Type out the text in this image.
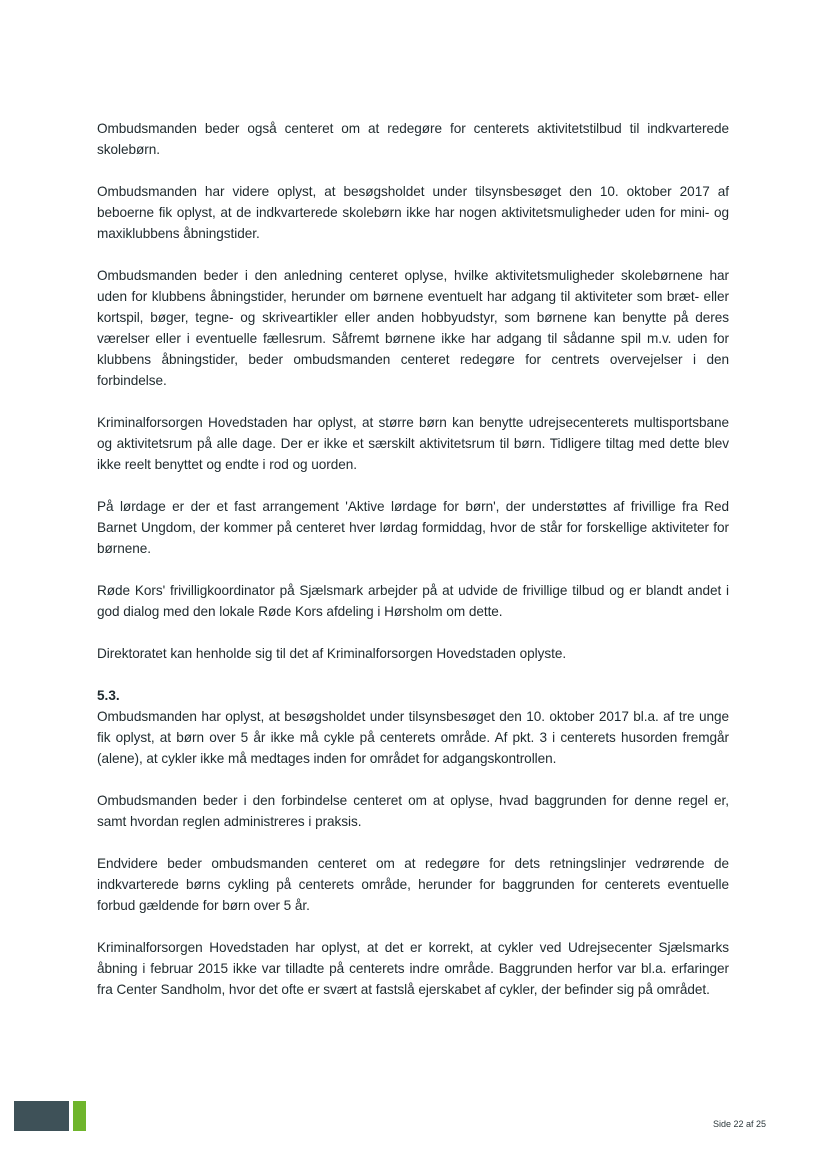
Ombudsmanden beder også centeret om at redegøre for centerets aktivitetstilbud til indkvarterede skolebørn.

Ombudsmanden har videre oplyst, at besøgsholdet under tilsynsbesøget den 10. oktober 2017 af beboerne fik oplyst, at de indkvarterede skolebørn ikke har nogen aktivitetsmuligheder uden for mini- og maxiklubbens åbningstider.

Ombudsmanden beder i den anledning centeret oplyse, hvilke aktivitetsmuligheder skolebørnene har uden for klubbens åbningstider, herunder om børnene eventuelt har adgang til aktiviteter som bræt- eller kortspil, bøger, tegne- og skriveartikler eller anden hobbyudstyr, som børnene kan benytte på deres værelser eller i eventuelle fællesrum. Såfremt børnene ikke har adgang til sådanne spil m.v. uden for klubbens åbningstider, beder ombudsmanden centeret redegøre for centrets overvejelser i den forbindelse.

Kriminalforsorgen Hovedstaden har oplyst, at større børn kan benytte udrejsecenterets multisportsbane og aktivitetsrum på alle dage. Der er ikke et særskilt aktivitetsrum til børn. Tidligere tiltag med dette blev ikke reelt benyttet og endte i rod og uorden.

På lørdage er der et fast arrangement 'Aktive lørdage for børn', der understøttes af frivillige fra Red Barnet Ungdom, der kommer på centeret hver lørdag formiddag, hvor de står for forskellige aktiviteter for børnene.

Røde Kors' frivilligkoordinator på Sjælsmark arbejder på at udvide de frivillige tilbud og er blandt andet i god dialog med den lokale Røde Kors afdeling i Hørsholm om dette.

Direktoratet kan henholde sig til det af Kriminalforsorgen Hovedstaden oplyste.

5.3.

Ombudsmanden har oplyst, at besøgsholdet under tilsynsbesøget den 10. oktober 2017 bl.a. af tre unge fik oplyst, at børn over 5 år ikke må cykle på centerets område. Af pkt. 3 i centerets husorden fremgår (alene), at cykler ikke må medtages inden for området for adgangskontrollen.

Ombudsmanden beder i den forbindelse centeret om at oplyse, hvad baggrunden for denne regel er, samt hvordan reglen administreres i praksis.

Endvidere beder ombudsmanden centeret om at redegøre for dets retningslinjer vedrørende de indkvarterede børns cykling på centerets område, herunder for baggrunden for centerets eventuelle forbud gældende for børn over 5 år.

Kriminalforsorgen Hovedstaden har oplyst, at det er korrekt, at cykler ved Udrejsecenter Sjælsmarks åbning i februar 2015 ikke var tilladte på centerets indre område. Baggrunden herfor var bl.a. erfaringer fra Center Sandholm, hvor det ofte er svært at fastslå ejerskabet af cykler, der befinder sig på området.

Side 22 af 25
